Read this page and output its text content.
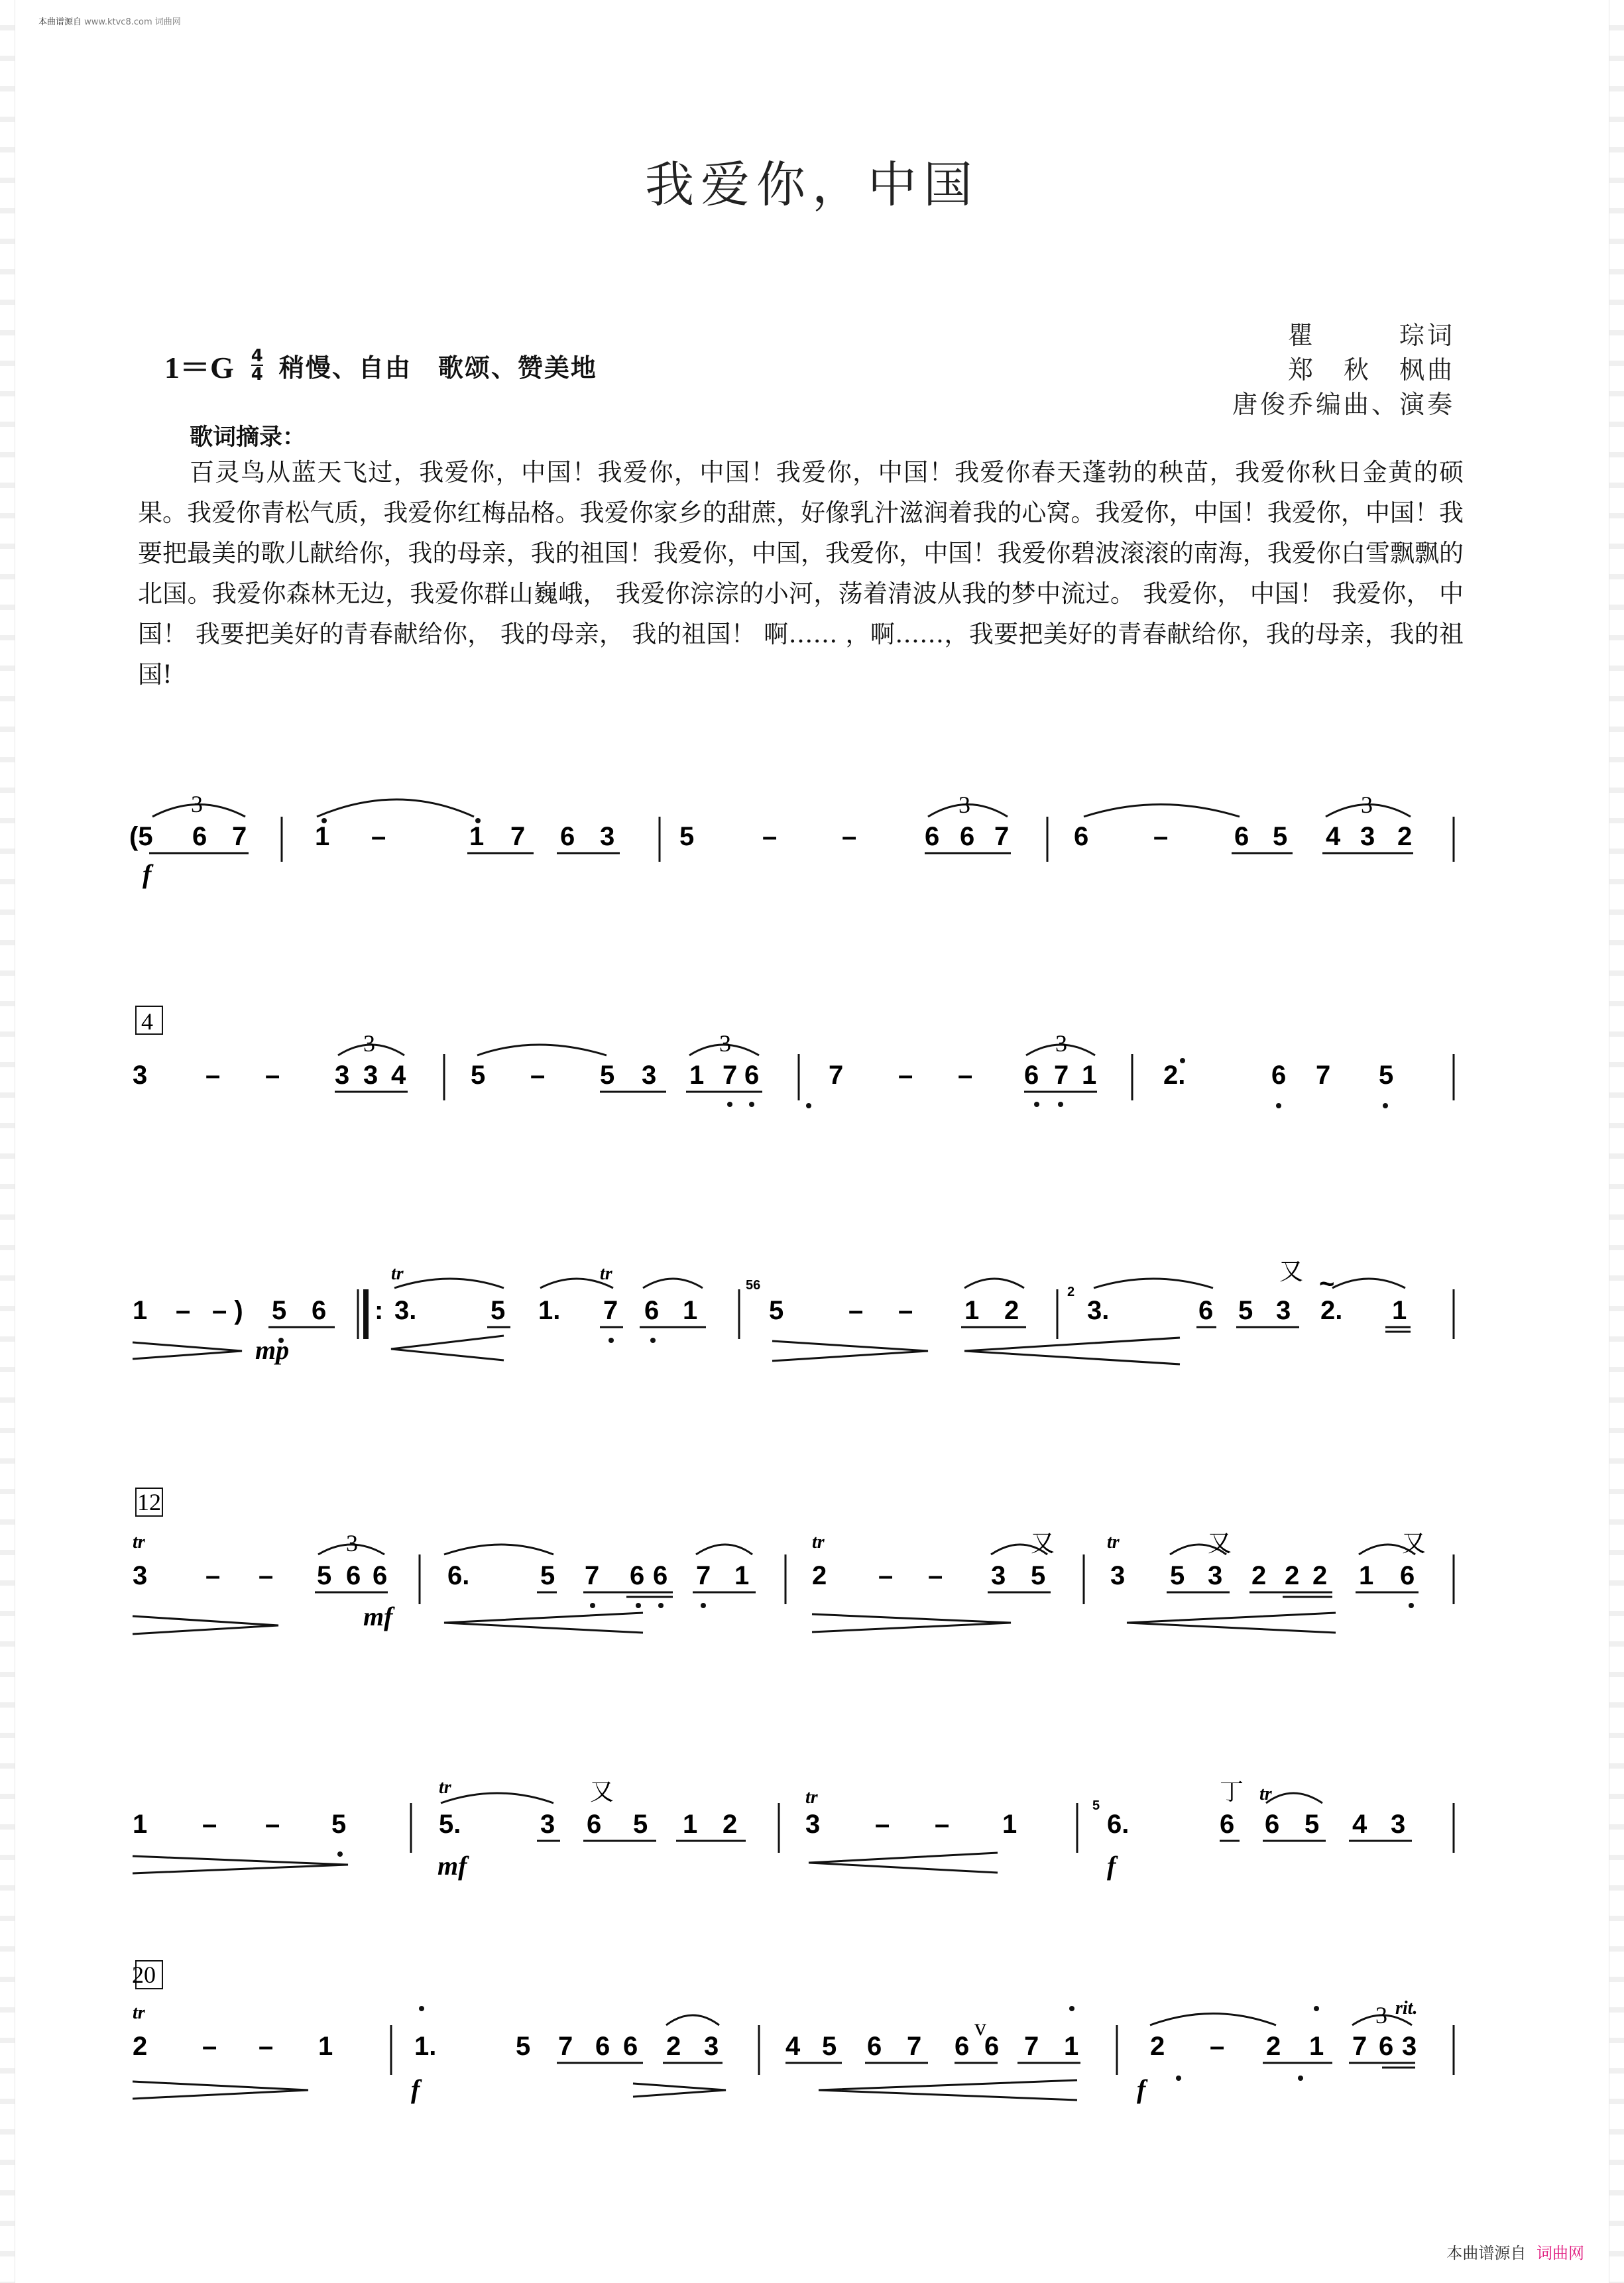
本曲谱源自 www.ktvc8.com 词曲网
我爱你，中国
瞿　　　琮词
郑　秋　枫曲
唐俊乔编曲、演奏
1＝G 4
4 稍慢、自由　歌颂、赞美地
歌词摘录：
百灵鸟从蓝天飞过，我爱你，中国！我爱你，中国！我爱你，中国！我爱你春天蓬勃的秧苗，我爱你秋日金黄的硕果。我爱你青松气质，我爱你红梅品格。我爱你家乡的甜蔗，好像乳汁滋润着我的心窝。我爱你，中国！我爱你，中国！我要把最美的歌儿献给你，我的母亲，我的祖国！我爱你，中国，我爱你，中国！我爱你碧波滚滚的南海，我爱你白雪飘飘的北国。我爱你森林无边，我爱你群山巍峨， 我爱你淙淙的小河，荡着清波从我的梦中流过。 我爱你， 中国！ 我爱你， 中国！ 我要把美好的青春献给你， 我的母亲， 我的祖国！ 啊…… ，啊……，我要把美好的青春献给你，我的母亲，我的祖国!
(5 6 7
3
f
1 –	1 7 6 3 5	– –	6 6 7
3
6 – 6 5 4 3 2
3
4
3 – – 3 3 4
3
5 – 5 3 1 7 6
3
7 – – 6 7 1
3
2.	6 7 5
1 – – ) 5 6
mp
:
tr
3.	5 1.
tr
7 6 1
56
5 – – 1 2
2
3.	6 5 3
又
2. 1
~
12
tr
3 – – 5 6 6
3
mf
6.	5 7 6 6 7 1
tr
2 – – 3 5
又	tr
3 5 3
又
2 2 2 1 6
又
1 – – 5
tr
5.
mf
3 6
又
5 1 2
tr
3 – – 1
5
6.
f
6
丁 tr
6 5 4 3
20
tr
2 – – 1	1.
f
5 7 6 6 2 3	4 5 6 7 6
v
6 7 1	2
f
– 2 1 7 6 3
3 rit.
本曲谱源自 词曲网
